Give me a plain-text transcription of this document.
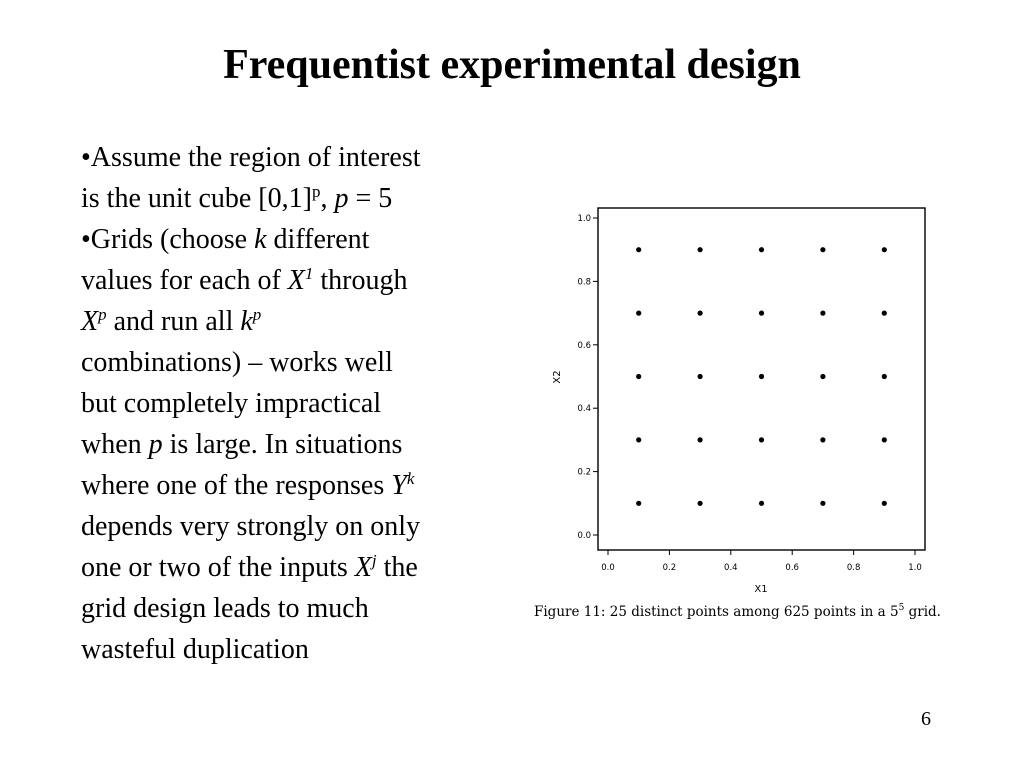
Frequentist experimental design

•Assume the region of interest

is the unit cube $[0,1]^p$, p = 5

•Grids (choose k different

values for each of $X^1$ through

$X^p$ and run all $k^p$

combinations) – works well

but completely impractical

when p is large. In situations

where one of the responses $Y^k$

depends very strongly on only

one or two of the inputs $X^j$ the

grid design leads to much

wasteful duplication

0.0	0.2	0.4	0.6	0.8	1.0
0.0
0.2
0.4
0.6
0.8
1.0
X1
X2
Figure 11: 25 distinct points among 625 points in a $5^5$ grid.
6
